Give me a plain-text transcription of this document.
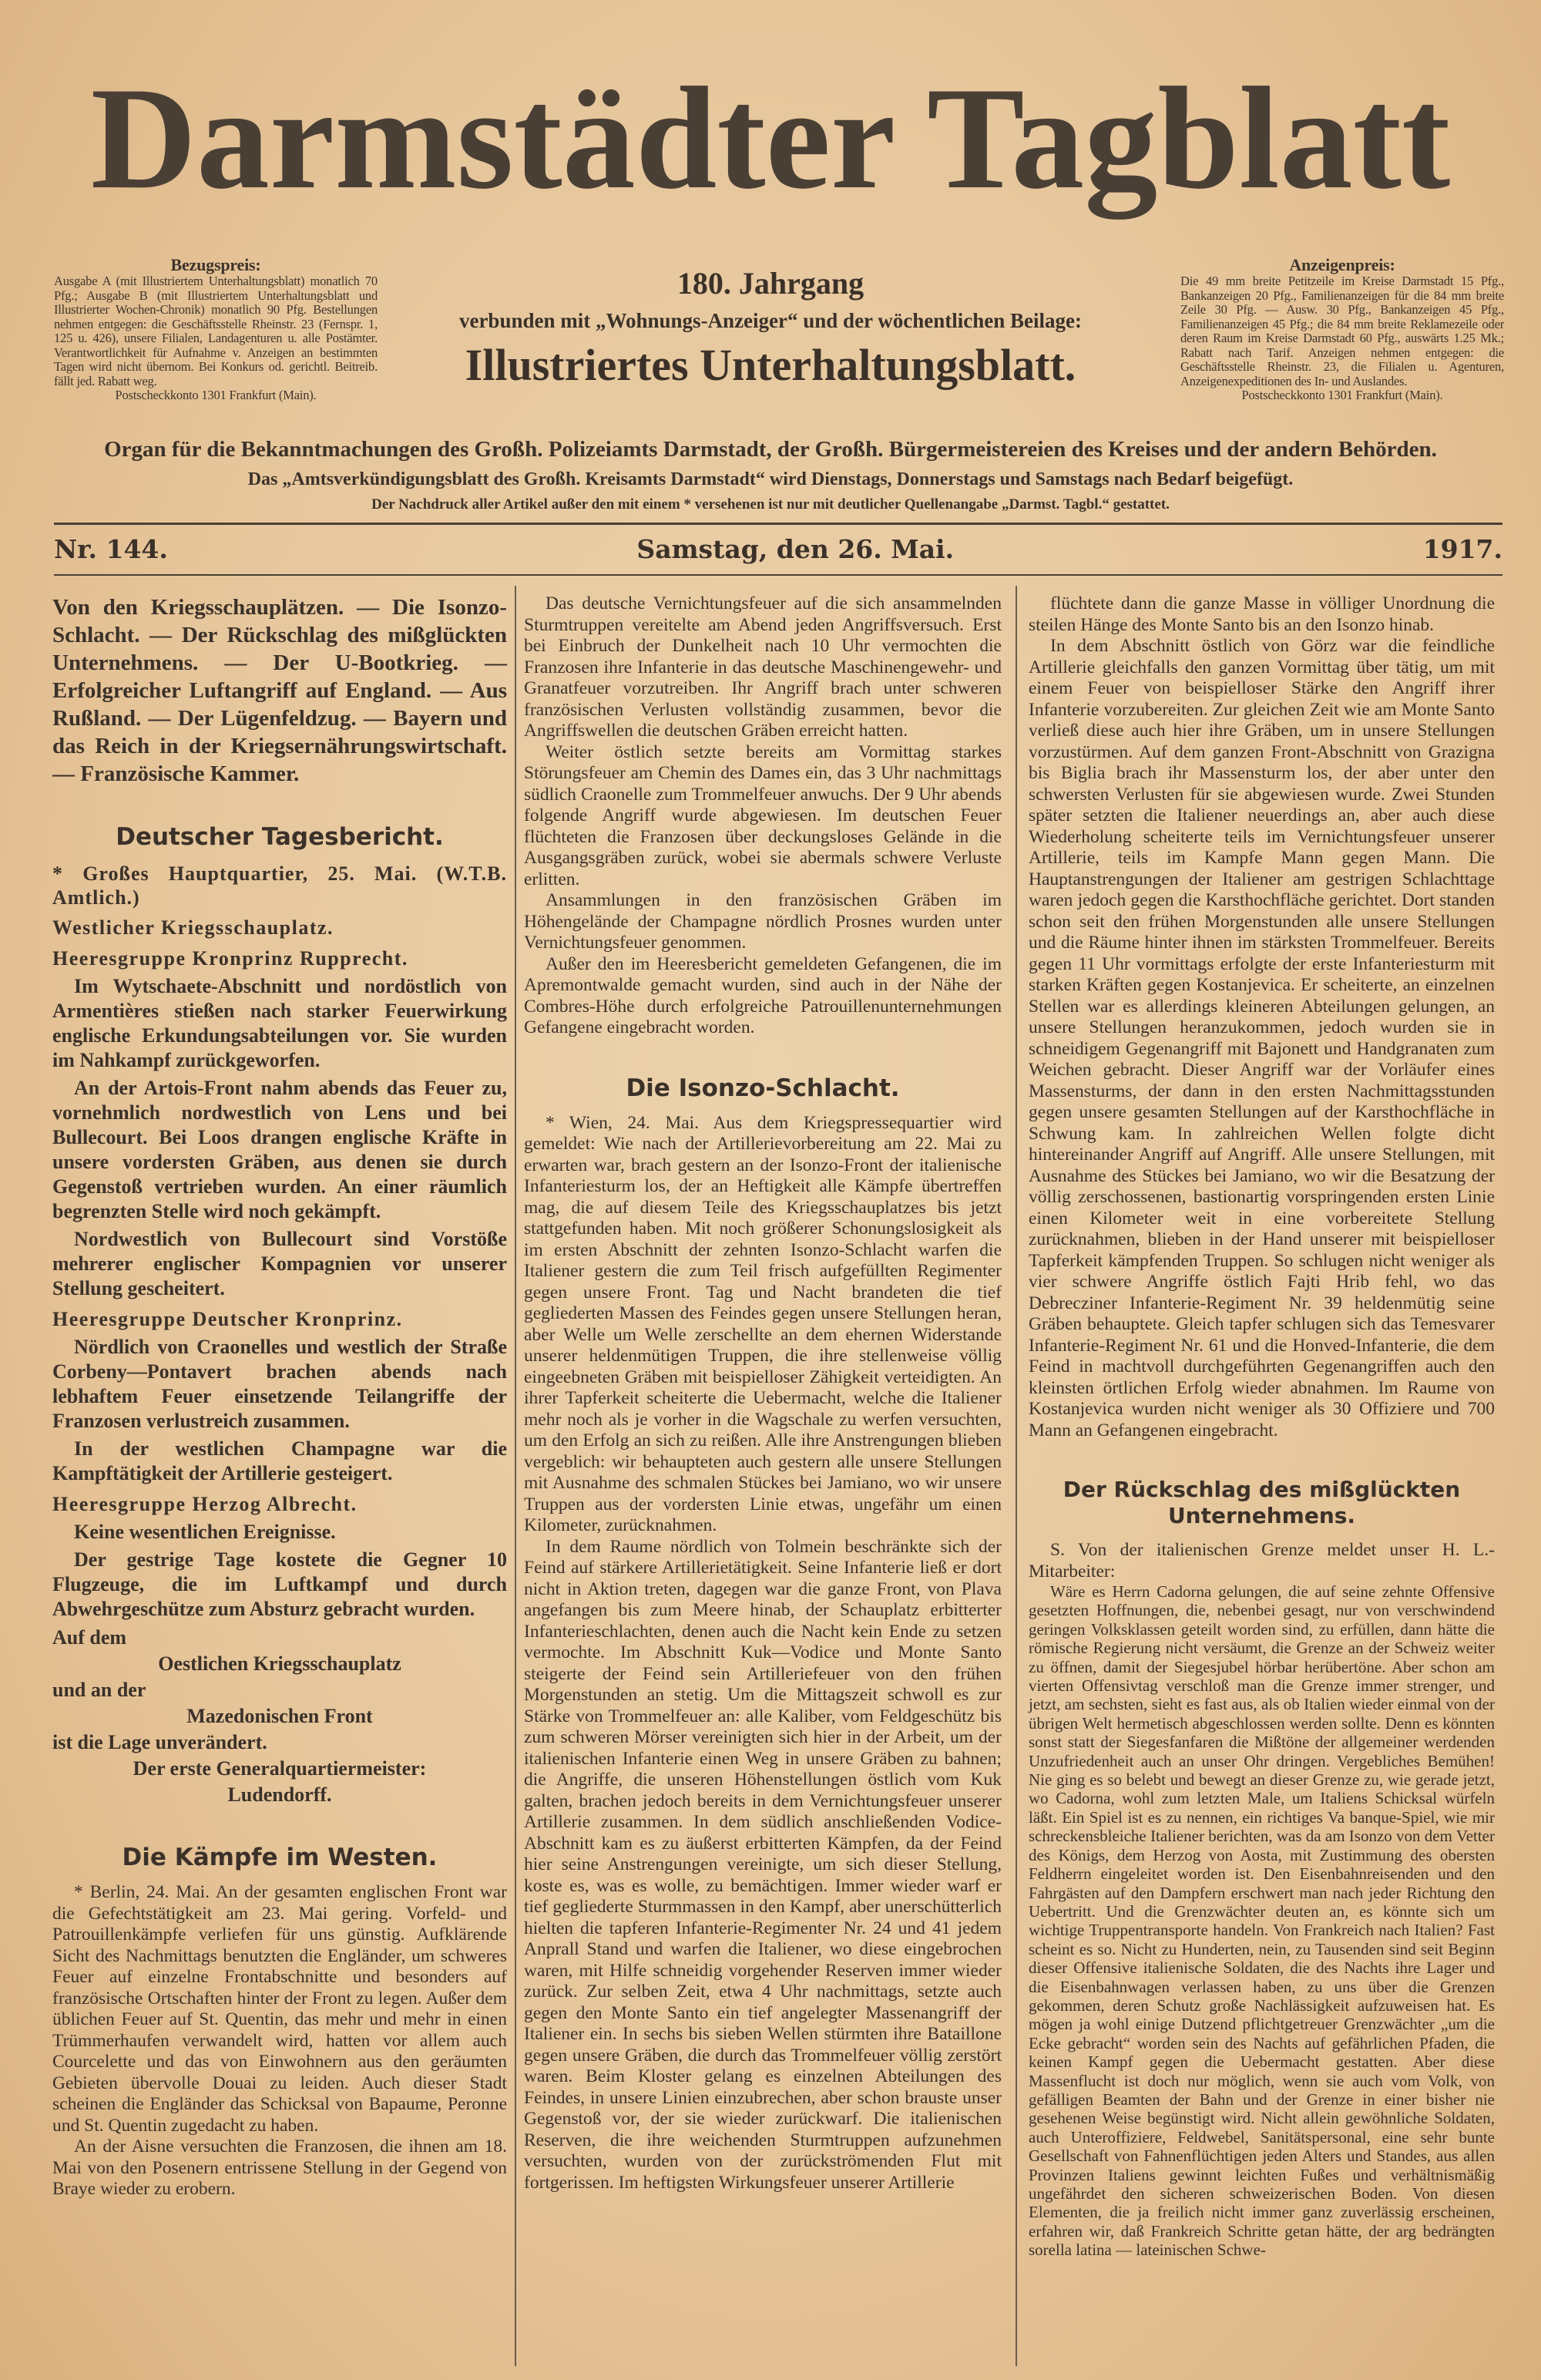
Darmstädter Tagblatt
Bezugspreis:
Ausgabe A (mit Illustriertem Unterhaltungsblatt) monatlich 70 Pfg.; Ausgabe B (mit Illustriertem Unterhaltungsblatt und Illustrierter Wochen-Chronik) monatlich 90 Pfg. Bestellungen nehmen entgegen: die Geschäftsstelle Rheinstr. 23 (Fernspr. 1, 125 u. 426), unsere Filialen, Landagenturen u. alle Postämter. Verantwortlichkeit für Aufnahme v. Anzeigen an bestimmten Tagen wird nicht übernom. Bei Konkurs od. gerichtl. Beitreib. fällt jed. Rabatt weg.
Postscheckkonto 1301 Frankfurt (Main).
Anzeigenpreis:
Die 49 mm breite Petitzeile im Kreise Darmstadt 15 Pfg., Bankanzeigen 20 Pfg., Familienanzeigen für die 84 mm breite Zeile 30 Pfg. — Ausw. 30 Pfg., Bankanzeigen 45 Pfg., Familienanzeigen 45 Pfg.; die 84 mm breite Reklamezeile oder deren Raum im Kreise Darmstadt 60 Pfg., auswärts 1.25 Mk.; Rabatt nach Tarif. Anzeigen nehmen entgegen: die Geschäftsstelle Rheinstr. 23, die Filialen u. Agenturen, Anzeigenexpeditionen des In- und Auslandes.
Postscheckkonto 1301 Frankfurt (Main).
180. Jahrgang
verbunden mit „Wohnungs-Anzeiger“ und der wöchentlichen Beilage:
Illustriertes Unterhaltungsblatt.
Organ für die Bekanntmachungen des Großh. Polizeiamts Darmstadt, der Großh. Bürgermeistereien des Kreises und der andern Behörden.
Das „Amtsverkündigungsblatt des Großh. Kreisamts Darmstadt“ wird Dienstags, Donnerstags und Samstags nach Bedarf beigefügt.
Der Nachdruck aller Artikel außer den mit einem * versehenen ist nur mit deutlicher Quellenangabe „Darmst. Tagbl.“ gestattet.
Nr. 144.	Samstag, den 26. Mai.	1917.
Von den Kriegsschauplätzen. — Die Isonzo-Schlacht. — Der Rückschlag des mißglückten Unternehmens. — Der U-Bootkrieg. — Erfolgreicher Luftangriff auf England. — Aus Rußland. — Der Lügenfeldzug. — Bayern und das Reich in der Kriegsernährungswirtschaft. — Französische Kammer.
Deutscher Tagesbericht.
* Großes Hauptquartier, 25. Mai. (W.T.B. Amtlich.)
Westlicher Kriegsschauplatz.
Heeresgruppe Kronprinz Rupprecht.
Im Wytschaete-Abschnitt und nordöstlich von Armentières stießen nach starker Feuerwirkung englische Erkundungsabteilungen vor. Sie wurden im Nahkampf zurückgeworfen.
An der Artois-Front nahm abends das Feuer zu, vornehmlich nordwestlich von Lens und bei Bullecourt. Bei Loos drangen englische Kräfte in unsere vordersten Gräben, aus denen sie durch Gegenstoß vertrieben wurden. An einer räumlich begrenzten Stelle wird noch gekämpft.
Nordwestlich von Bullecourt sind Vorstöße mehrerer englischer Kompagnien vor unserer Stellung gescheitert.
Heeresgruppe Deutscher Kronprinz.
Nördlich von Craonelles und westlich der Straße Corbeny—Pontavert brachen abends nach lebhaftem Feuer einsetzende Teilangriffe der Franzosen verlustreich zusammen.
In der westlichen Champagne war die Kampftätigkeit der Artillerie gesteigert.
Heeresgruppe Herzog Albrecht.
Keine wesentlichen Ereignisse.
Der gestrige Tage kostete die Gegner 10 Flugzeuge, die im Luftkampf und durch Abwehrgeschütze zum Absturz gebracht wurden.
Auf dem
Oestlichen Kriegsschauplatz
und an der
Mazedonischen Front
ist die Lage unverändert.
Der erste Generalquartiermeister:
Ludendorff.
Die Kämpfe im Westen.
* Berlin, 24. Mai. An der gesamten englischen Front war die Gefechtstätigkeit am 23. Mai gering. Vorfeld- und Patrouillenkämpfe verliefen für uns günstig. Aufklärende Sicht des Nachmittags benutzten die Engländer, um schweres Feuer auf einzelne Frontabschnitte und besonders auf französische Ortschaften hinter der Front zu legen. Außer dem üblichen Feuer auf St. Quentin, das mehr und mehr in einen Trümmerhaufen verwandelt wird, hatten vor allem auch Courcelette und das von Einwohnern aus den geräumten Gebieten übervolle Douai zu leiden. Auch dieser Stadt scheinen die Engländer das Schicksal von Bapaume, Peronne und St. Quentin zugedacht zu haben.
An der Aisne versuchten die Franzosen, die ihnen am 18. Mai von den Posenern entrissene Stellung in der Gegend von Braye wieder zu erobern.
Das deutsche Vernichtungsfeuer auf die sich ansammelnden Sturmtruppen vereitelte am Abend jeden Angriffsversuch. Erst bei Einbruch der Dunkelheit nach 10 Uhr vermochten die Franzosen ihre Infanterie in das deutsche Maschinengewehr- und Granatfeuer vorzutreiben. Ihr Angriff brach unter schweren französischen Verlusten vollständig zusammen, bevor die Angriffswellen die deutschen Gräben erreicht hatten.
Weiter östlich setzte bereits am Vormittag starkes Störungsfeuer am Chemin des Dames ein, das 3 Uhr nachmittags südlich Craonelle zum Trommelfeuer anwuchs. Der 9 Uhr abends folgende Angriff wurde abgewiesen. Im deutschen Feuer flüchteten die Franzosen über deckungsloses Gelände in die Ausgangsgräben zurück, wobei sie abermals schwere Verluste erlitten.
Ansammlungen in den französischen Gräben im Höhengelände der Champagne nördlich Prosnes wurden unter Vernichtungsfeuer genommen.
Außer den im Heeresbericht gemeldeten Gefangenen, die im Apremontwalde gemacht wurden, sind auch in der Nähe der Combres-Höhe durch erfolgreiche Patrouillenunternehmungen Gefangene eingebracht worden.
Die Isonzo-Schlacht.
* Wien, 24. Mai. Aus dem Kriegspressequartier wird gemeldet: Wie nach der Artillerievorbereitung am 22. Mai zu erwarten war, brach gestern an der Isonzo-Front der italienische Infanteriesturm los, der an Heftigkeit alle Kämpfe übertreffen mag, die auf diesem Teile des Kriegsschauplatzes bis jetzt stattgefunden haben. Mit noch größerer Schonungslosigkeit als im ersten Abschnitt der zehnten Isonzo-Schlacht warfen die Italiener gestern die zum Teil frisch aufgefüllten Regimenter gegen unsere Front. Tag und Nacht brandeten die tief gegliederten Massen des Feindes gegen unsere Stellungen heran, aber Welle um Welle zerschellte an dem ehernen Widerstande unserer heldenmütigen Truppen, die ihre stellenweise völlig eingeebneten Gräben mit beispielloser Zähigkeit verteidigten. An ihrer Tapferkeit scheiterte die Uebermacht, welche die Italiener mehr noch als je vorher in die Wagschale zu werfen versuchten, um den Erfolg an sich zu reißen. Alle ihre Anstrengungen blieben vergeblich: wir behaupteten auch gestern alle unsere Stellungen mit Ausnahme des schmalen Stückes bei Jamiano, wo wir unsere Truppen aus der vordersten Linie etwas, ungefähr um einen Kilometer, zurücknahmen.
In dem Raume nördlich von Tolmein beschränkte sich der Feind auf stärkere Artillerietätigkeit. Seine Infanterie ließ er dort nicht in Aktion treten, dagegen war die ganze Front, von Plava angefangen bis zum Meere hinab, der Schauplatz erbitterter Infanterieschlachten, denen auch die Nacht kein Ende zu setzen vermochte. Im Abschnitt Kuk—Vodice und Monte Santo steigerte der Feind sein Artilleriefeuer von den frühen Morgenstunden an stetig. Um die Mittagszeit schwoll es zur Stärke von Trommelfeuer an: alle Kaliber, vom Feldgeschütz bis zum schweren Mörser vereinigten sich hier in der Arbeit, um der italienischen Infanterie einen Weg in unsere Gräben zu bahnen; die Angriffe, die unseren Höhenstellungen östlich vom Kuk galten, brachen jedoch bereits in dem Vernichtungsfeuer unserer Artillerie zusammen. In dem südlich anschließenden Vodice-Abschnitt kam es zu äußerst erbitterten Kämpfen, da der Feind hier seine Anstrengungen vereinigte, um sich dieser Stellung, koste es, was es wolle, zu bemächtigen. Immer wieder warf er tief gegliederte Sturmmassen in den Kampf, aber unerschütterlich hielten die tapferen Infanterie-Regimenter Nr. 24 und 41 jedem Anprall Stand und warfen die Italiener, wo diese eingebrochen waren, mit Hilfe schneidig vorgehender Reserven immer wieder zurück. Zur selben Zeit, etwa 4 Uhr nachmittags, setzte auch gegen den Monte Santo ein tief angelegter Massenangriff der Italiener ein. In sechs bis sieben Wellen stürmten ihre Bataillone gegen unsere Gräben, die durch das Trommelfeuer völlig zerstört waren. Beim Kloster gelang es einzelnen Abteilungen des Feindes, in unsere Linien einzubrechen, aber schon brauste unser Gegenstoß vor, der sie wieder zurückwarf. Die italienischen Reserven, die ihre weichenden Sturmtruppen aufzunehmen versuchten, wurden von der zurückströmenden Flut mit fortgerissen. Im heftigsten Wirkungsfeuer unserer Artillerie
flüchtete dann die ganze Masse in völliger Unordnung die steilen Hänge des Monte Santo bis an den Isonzo hinab.
In dem Abschnitt östlich von Görz war die feindliche Artillerie gleichfalls den ganzen Vormittag über tätig, um mit einem Feuer von beispielloser Stärke den Angriff ihrer Infanterie vorzubereiten. Zur gleichen Zeit wie am Monte Santo verließ diese auch hier ihre Gräben, um in unsere Stellungen vorzustürmen. Auf dem ganzen Front-Abschnitt von Grazigna bis Biglia brach ihr Massensturm los, der aber unter den schwersten Verlusten für sie abgewiesen wurde. Zwei Stunden später setzten die Italiener neuerdings an, aber auch diese Wiederholung scheiterte teils im Vernichtungsfeuer unserer Artillerie, teils im Kampfe Mann gegen Mann. Die Hauptanstrengungen der Italiener am gestrigen Schlachttage waren jedoch gegen die Karsthochfläche gerichtet. Dort standen schon seit den frühen Morgenstunden alle unsere Stellungen und die Räume hinter ihnen im stärksten Trommelfeuer. Bereits gegen 11 Uhr vormittags erfolgte der erste Infanteriesturm mit starken Kräften gegen Kostanjevica. Er scheiterte, an einzelnen Stellen war es allerdings kleineren Abteilungen gelungen, an unsere Stellungen heranzukommen, jedoch wurden sie in schneidigem Gegenangriff mit Bajonett und Handgranaten zum Weichen gebracht. Dieser Angriff war der Vorläufer eines Massensturms, der dann in den ersten Nachmittagsstunden gegen unsere gesamten Stellungen auf der Karsthochfläche in Schwung kam. In zahlreichen Wellen folgte dicht hintereinander Angriff auf Angriff. Alle unsere Stellungen, mit Ausnahme des Stückes bei Jamiano, wo wir die Besatzung der völlig zerschossenen, bastionartig vorspringenden ersten Linie einen Kilometer weit in eine vorbereitete Stellung zurücknahmen, blieben in der Hand unserer mit beispielloser Tapferkeit kämpfenden Truppen. So schlugen nicht weniger als vier schwere Angriffe östlich Fajti Hrib fehl, wo das Debrecziner Infanterie-Regiment Nr. 39 heldenmütig seine Gräben behauptete. Gleich tapfer schlugen sich das Temesvarer Infanterie-Regiment Nr. 61 und die Honved-Infanterie, die dem Feind in machtvoll durchgeführten Gegenangriffen auch den kleinsten örtlichen Erfolg wieder abnahmen. Im Raume von Kostanjevica wurden nicht weniger als 30 Offiziere und 700 Mann an Gefangenen eingebracht.
Der Rückschlag des mißglückten Unternehmens.
S. Von der italienischen Grenze meldet unser H. L.-Mitarbeiter:
Wäre es Herrn Cadorna gelungen, die auf seine zehnte Offensive gesetzten Hoffnungen, die, nebenbei gesagt, nur von verschwindend geringen Volksklassen geteilt worden sind, zu erfüllen, dann hätte die römische Regierung nicht versäumt, die Grenze an der Schweiz weiter zu öffnen, damit der Siegesjubel hörbar herübertöne. Aber schon am vierten Offensivtag verschloß man die Grenze immer strenger, und jetzt, am sechsten, sieht es fast aus, als ob Italien wieder einmal von der übrigen Welt hermetisch abgeschlossen werden sollte. Denn es könnten sonst statt der Siegesfanfaren die Mißtöne der allgemeiner werdenden Unzufriedenheit auch an unser Ohr dringen. Vergebliches Bemühen! Nie ging es so belebt und bewegt an dieser Grenze zu, wie gerade jetzt, wo Cadorna, wohl zum letzten Male, um Italiens Schicksal würfeln läßt. Ein Spiel ist es zu nennen, ein richtiges Va banque-Spiel, wie mir schreckensbleiche Italiener berichten, was da am Isonzo von dem Vetter des Königs, dem Herzog von Aosta, mit Zustimmung des obersten Feldherrn eingeleitet worden ist. Den Eisenbahnreisenden und den Fahrgästen auf den Dampfern erschwert man nach jeder Richtung den Uebertritt. Und die Grenzwächter deuten an, es könnte sich um wichtige Truppentransporte handeln. Von Frankreich nach Italien? Fast scheint es so. Nicht zu Hunderten, nein, zu Tausenden sind seit Beginn dieser Offensive italienische Soldaten, die des Nachts ihre Lager und die Eisenbahnwagen verlassen haben, zu uns über die Grenzen gekommen, deren Schutz große Nachlässigkeit aufzuweisen hat. Es mögen ja wohl einige Dutzend pflichtgetreuer Grenzwächter „um die Ecke gebracht“ worden sein des Nachts auf gefährlichen Pfaden, die keinen Kampf gegen die Uebermacht gestatten. Aber diese Massenflucht ist doch nur möglich, wenn sie auch vom Volk, von gefälligen Beamten der Bahn und der Grenze in einer bisher nie gesehenen Weise begünstigt wird. Nicht allein gewöhnliche Soldaten, auch Unteroffiziere, Feldwebel, Sanitätspersonal, eine sehr bunte Gesellschaft von Fahnenflüchtigen jeden Alters und Standes, aus allen Provinzen Italiens gewinnt leichten Fußes und verhältnismäßig ungefährdet den sicheren schweizerischen Boden. Von diesen Elementen, die ja freilich nicht immer ganz zuverlässig erscheinen, erfahren wir, daß Frankreich Schritte getan hätte, der arg bedrängten sorella latina — lateinischen Schwe-
